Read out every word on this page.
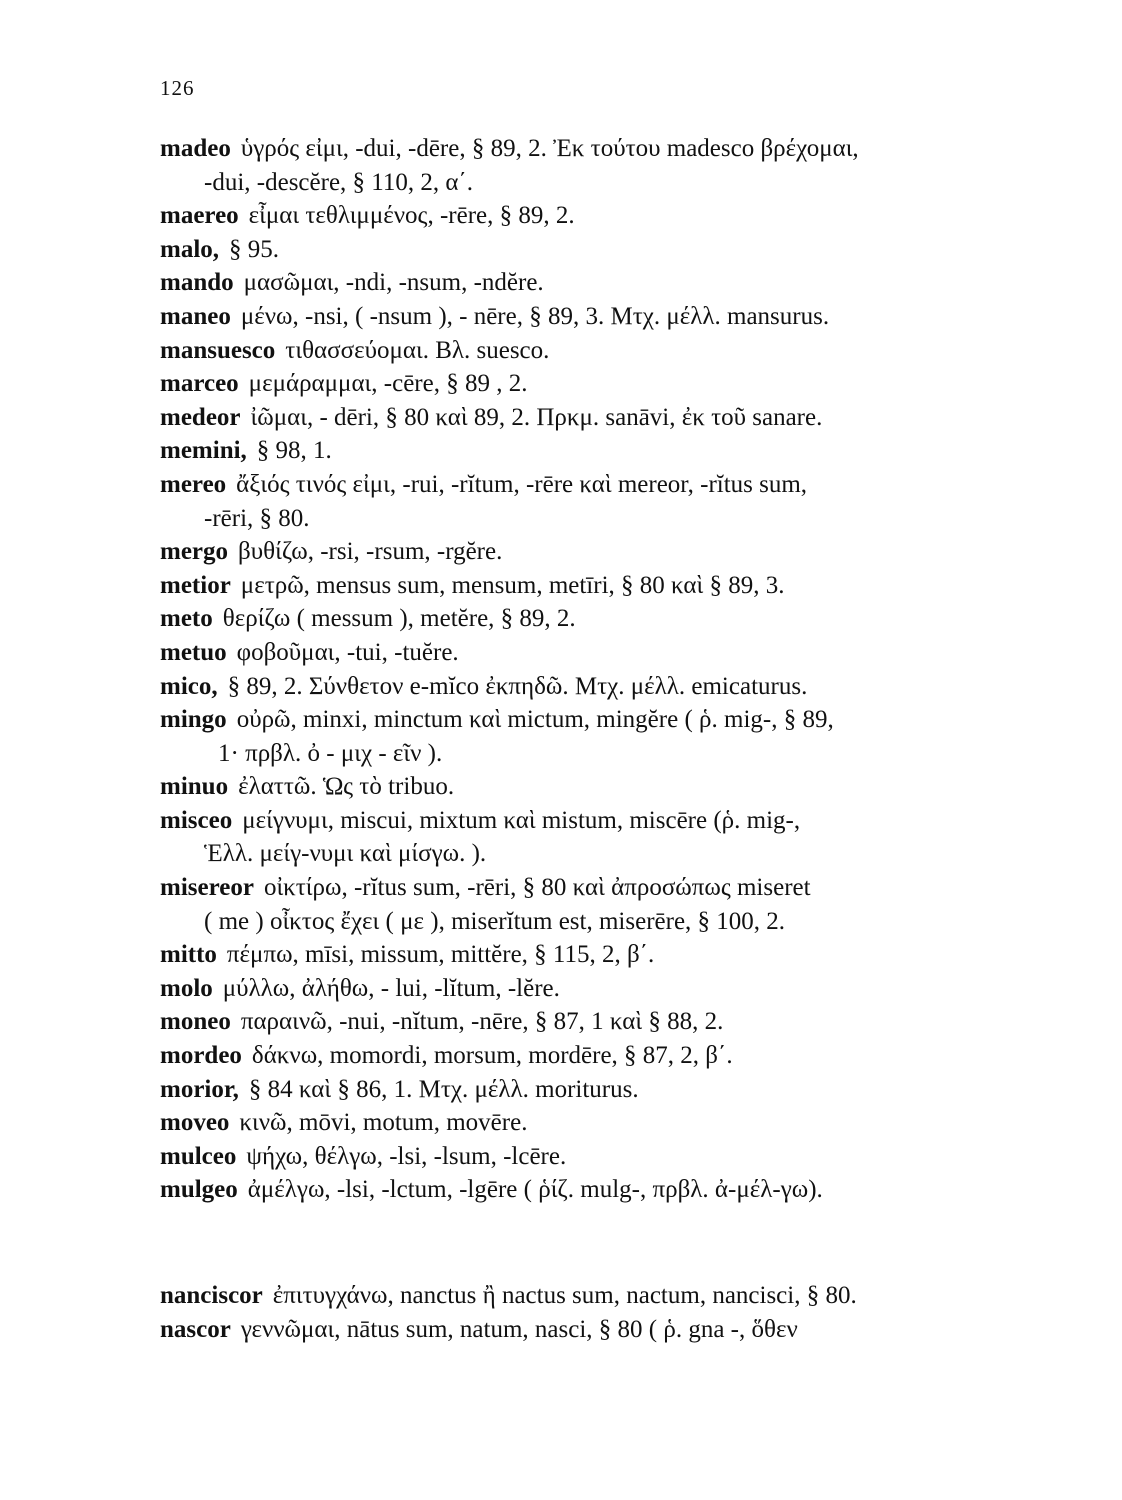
126
madeo ὑγρός εἰμι, -dui, -dēre, § 89, 2. Ἐκ τούτου madesco βρέχομαι,
-dui, -descĕre, § 110, 2, α΄.
maereo εἶμαι τεθλιμμένος, -rēre, § 89, 2.
malo, § 95.
mando μασῶμαι, -ndi, -nsum, -ndĕre.
maneo μένω, -nsi, ( -nsum ), - nēre, § 89, 3. Μτχ. μέλλ. mansurus.
mansuesco τιθασσεύομαι. Βλ. suesco.
marceo μεμάραμμαι, -cēre, § 89 , 2.
medeor ἰῶμαι, - dēri, § 80 καὶ 89, 2. Πρκμ. sanāvi, ἐκ τοῦ sanare.
memini, § 98, 1.
mereo ἄξιός τινός εἰμι, -rui, -rĭtum, -rēre καὶ mereor, -rĭtus sum,
-rēri, § 80.
mergo βυθίζω, -rsi, -rsum, -rgĕre.
metior μετρῶ, mensus sum, mensum, metīri, § 80 καὶ § 89, 3.
meto θερίζω ( messum ), metĕre, § 89, 2.
metuo φοβοῦμαι, -tui, -tuĕre.
mico, § 89, 2. Σύνθετον e-mĭco ἐκπηδῶ. Μτχ. μέλλ. emicaturus.
mingo οὐρῶ, minxi, minctum καὶ mictum, mingĕre ( ῥ. mig-, § 89,
1· πρβλ. ὀ - μιχ - εῖν ).
minuo ἐλαττῶ. Ὡς τὸ tribuo.
misceo μείγνυμι, miscui, mixtum καὶ mistum, miscēre (ῥ. mig-,
Ἑλλ. μείγ-νυμι καὶ μίσγω. ).
misereor οἰκτίρω, -rĭtus sum, -rēri, § 80 καὶ ἀπροσώπως miseret
( me ) οἶκτος ἔχει ( με ), miserĭtum est, miserēre, § 100, 2.
mitto πέμπω, mīsi, missum, mittĕre, § 115, 2, β΄.
molo μύλλω, ἀλήθω, - lui, -lĭtum, -lĕre.
moneo παραινῶ, -nui, -nĭtum, -nēre, § 87, 1 καὶ § 88, 2.
mordeo δάκνω, momordi, morsum, mordēre, § 87, 2, β΄.
morior, § 84 καὶ § 86, 1. Μτχ. μέλλ. moriturus.
moveo κινῶ, mōvi, motum, movēre.
mulceo ψήχω, θέλγω, -lsi, -lsum, -lcēre.
mulgeo ἀμέλγω, -lsi, -lctum, -lgēre ( ῥίζ. mulg-, πρβλ. ἀ-μέλ-γω).
nanciscor ἐπιτυγχάνω, nanctus ἢ nactus sum, nactum, nancisci, § 80.
nascor γεννῶμαι, nātus sum, natum, nasci, § 80 ( ῥ. gna -, ὅθεν
